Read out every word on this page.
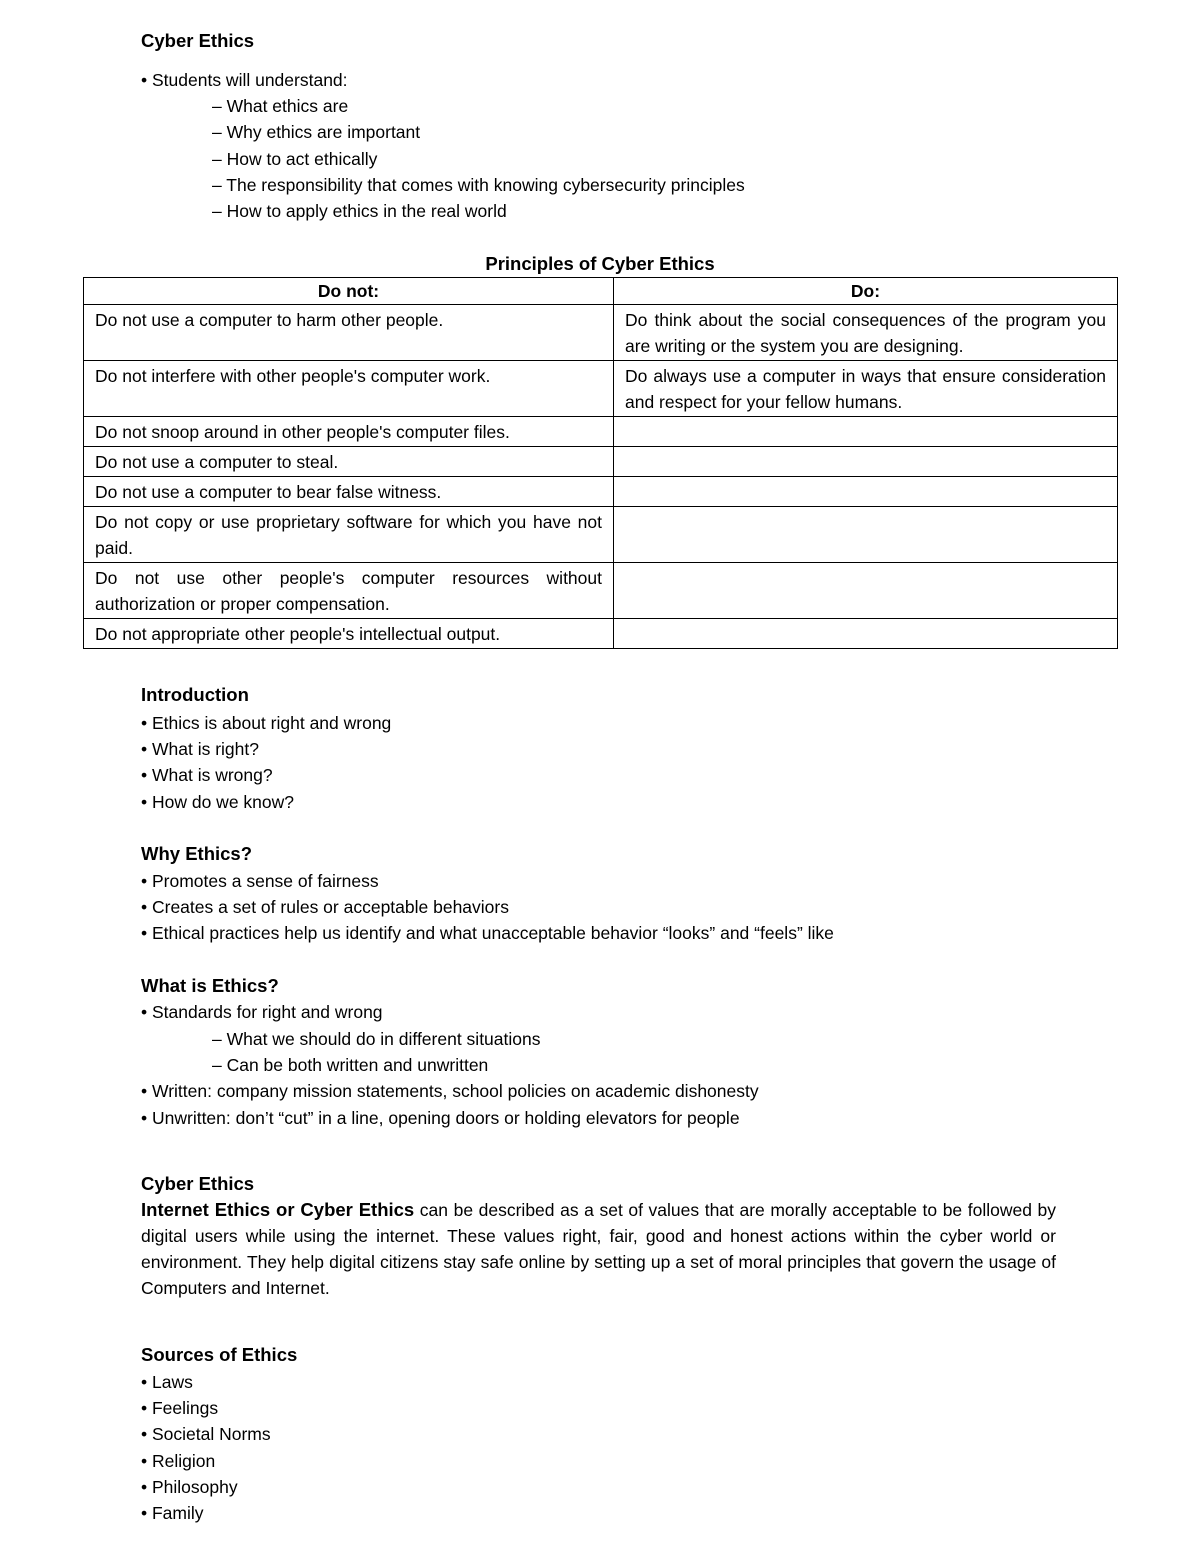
Cyber Ethics
• Students will understand:
– What ethics are
– Why ethics are important
– How to act ethically
– The responsibility that comes with knowing cybersecurity principles
– How to apply ethics in the real world
Principles of Cyber Ethics
Do not:	Do:
Do not use a computer to harm other people.	Do think about the social consequences of the program you are writing or the system you are designing.
Do not interfere with other people's computer work.	Do always use a computer in ways that ensure consideration and respect for your fellow humans.
Do not snoop around in other people's computer files.	
Do not use a computer to steal.	
Do not use a computer to bear false witness.	
Do not copy or use proprietary software for which you have not paid.	
Do not use other people's computer resources without authorization or proper compensation.	
Do not appropriate other people's intellectual output.	
Introduction
• Ethics is about right and wrong
• What is right?
• What is wrong?
• How do we know?
Why Ethics?
• Promotes a sense of fairness
• Creates a set of rules or acceptable behaviors
• Ethical practices help us identify and what unacceptable behavior “looks” and “feels” like
What is Ethics?
• Standards for right and wrong
– What we should do in different situations
– Can be both written and unwritten
• Written: company mission statements, school policies on academic dishonesty
• Unwritten: don’t “cut” in a line, opening doors or holding elevators for people
Cyber Ethics
Internet Ethics or Cyber Ethics can be described as a set of values that are morally acceptable to be followed by digital users while using the internet. These values right, fair, good and honest actions within the cyber world or environment. They help digital citizens stay safe online by setting up a set of moral principles that govern the usage of Computers and Internet.
Sources of Ethics
• Laws
• Feelings
• Societal Norms
• Religion
• Philosophy
• Family
